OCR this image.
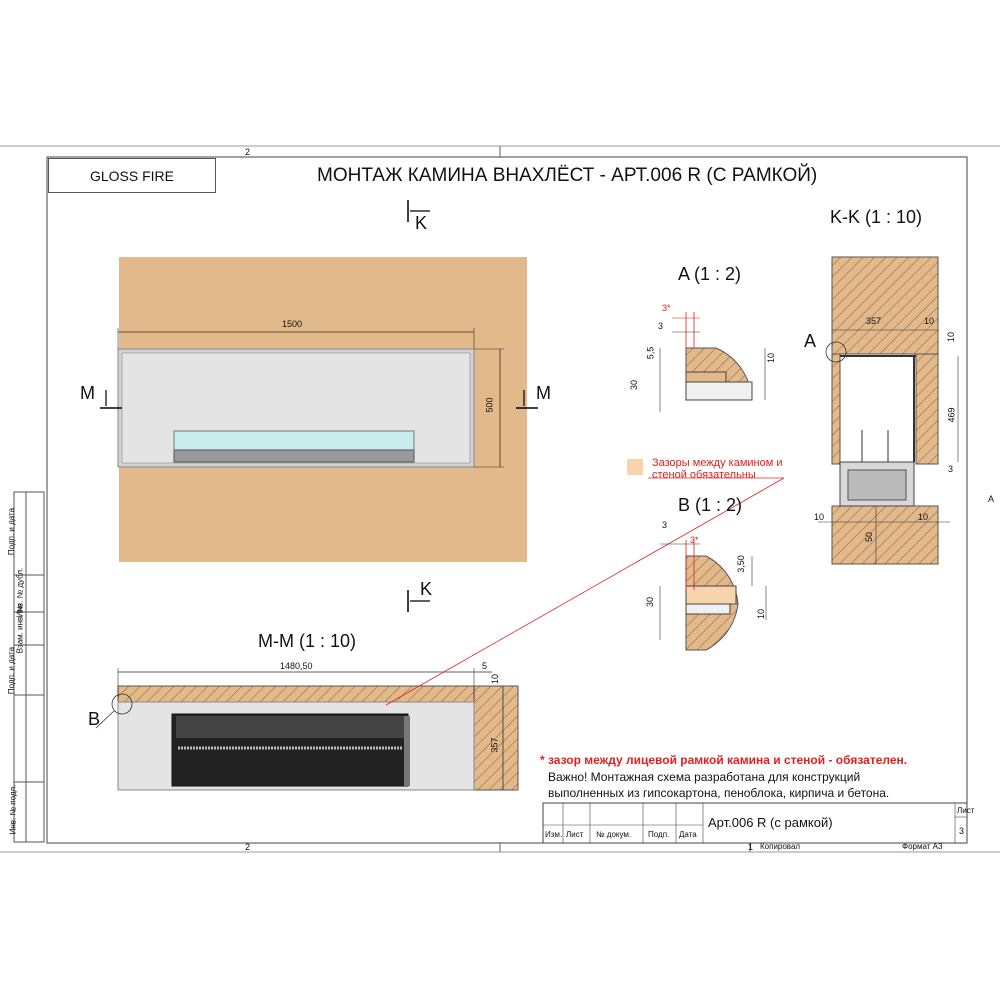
GLOSS FIRE	МОНТАЖ КАМИНА ВНАХЛЁСТ - АРТ.006 R (С РАМКОЙ)
2
2	1
A
1500
500
M	M
K
K
M-M (1 : 10)
1480,50	5
10
357
B
K-K (1 : 10)
A
357	10
10
469
3
10	10
50
A (1 : 2)
3*
3
5,5
30
10
B (1 : 2)
3
3*
3,50
30
10
Зазоры между камином и
стеной обязательны
* зазор между лицевой рамкой камина и стеной - обязателен.
Важно! Монтажная схема разработана для конструкций
выполненных из гипсокартона, пеноблока, кирпича и бетона.
Изм. Лист № докум. Подп. Дата
Арт.006 R (с рамкой)
Лист
3
Копировал	Формат А3
Подп. и дата
Инв. № дубл.
Взам. инв. №
Подп. и дата
Инв. № подл.
